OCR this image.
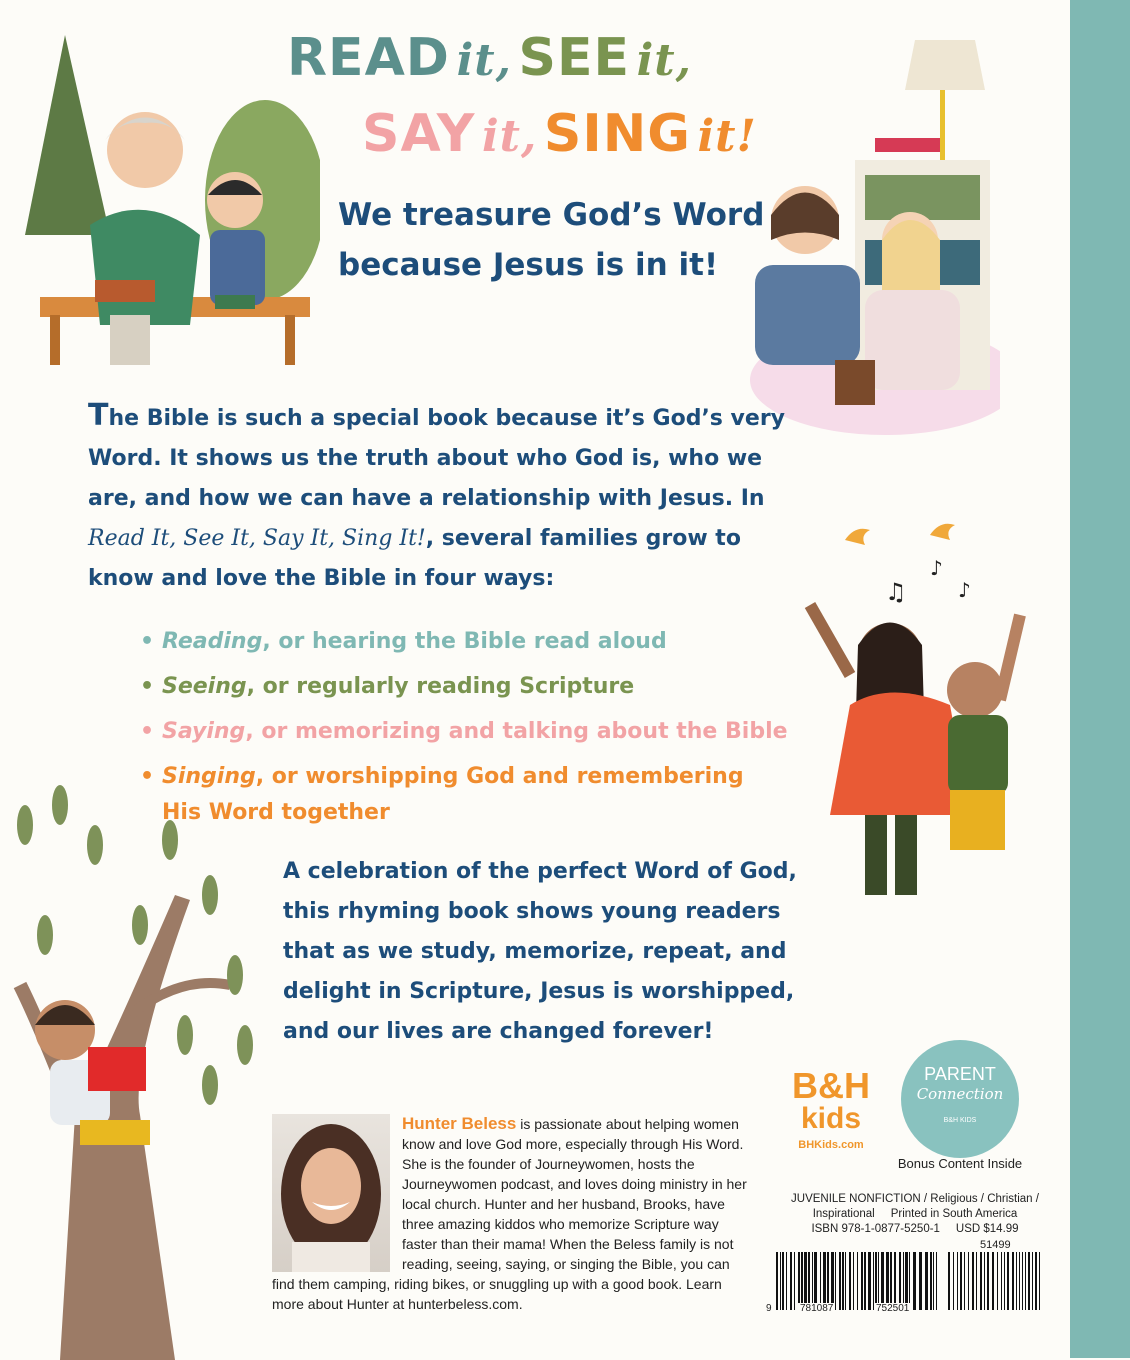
♫
♪
♪
READ it, SEE it,
SAY it, SING it!
We treasure God’s Word
because Jesus is in it!
The Bible is such a special book because it’s God’s very Word. It shows us the truth about who God is, who we are, and how we can have a relationship with Jesus. In Read It, See It, Say It, Sing It!, several families grow to know and love the Bible in four ways:
• Reading, or hearing the Bible read aloud
• Seeing, or regularly reading Scripture
• Saying, or memorizing and talking about the Bible
• Singing, or worshipping God and remembering His Word together
A celebration of the perfect Word of God, this rhyming book shows young readers that as we study, memorize, repeat, and delight in Scripture, Jesus is worshipped, and our lives are changed forever!
Hunter Beless is passionate about helping women know and love God more, especially through His Word. She is the founder of Journeywomen, hosts the Journeywomen podcast, and loves doing ministry in her local church. Hunter and her husband, Brooks, have three amazing kiddos who memorize Scripture way faster than their mama! When the Beless family is not reading, seeing, saying, or singing the Bible, you can find them camping, riding bikes, or snuggling up with a good book. Learn more about Hunter at hunterbeless.com.
B&H
kids
BHKids.com
PARENT
Connection
B&H KIDS
Bonus Content Inside
JUVENILE NONFICTION / Religious / Christian /
Inspirational     Printed in South America
ISBN 978-1-0877-5250-1     USD $14.99
51499
9	781087	752501
